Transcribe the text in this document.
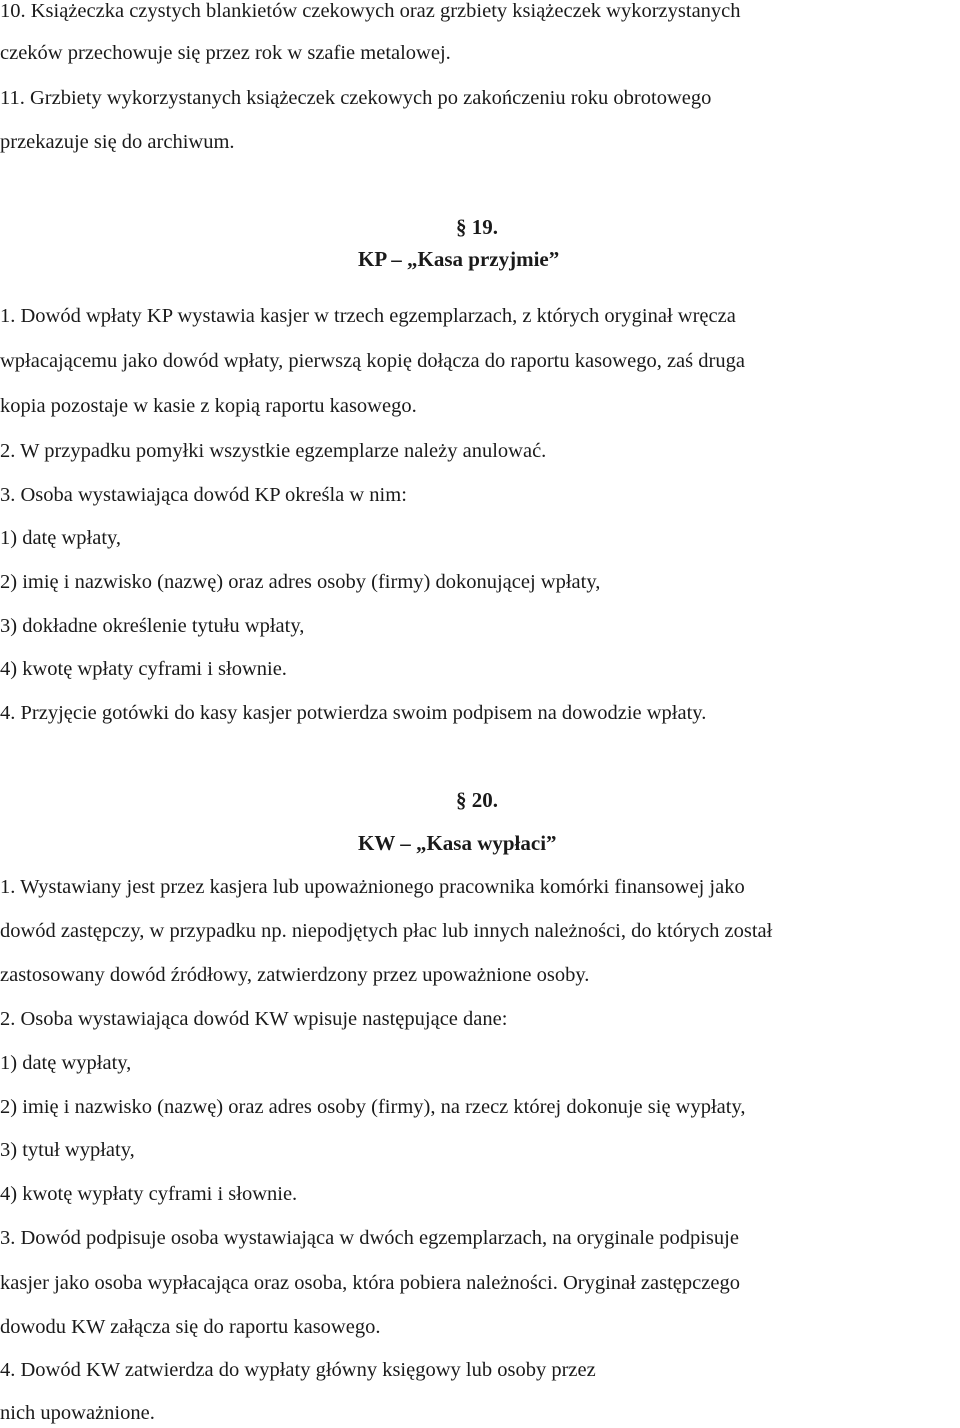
10. Książeczka czystych blankietów czekowych oraz grzbiety książeczek wykorzystanych

czeków przechowuje się przez rok w szafie metalowej.

11. Grzbiety wykorzystanych książeczek czekowych po zakończeniu roku obrotowego

przekazuje się do archiwum.

§ 19.

KP – „Kasa przyjmie”

1. Dowód wpłaty KP wystawia kasjer w trzech egzemplarzach, z których oryginał wręcza

wpłacającemu jako dowód wpłaty, pierwszą kopię dołącza do raportu kasowego, zaś druga

kopia pozostaje w kasie z kopią raportu kasowego.

2. W przypadku pomyłki wszystkie egzemplarze należy anulować.

3. Osoba wystawiająca dowód KP określa w nim:

1) datę wpłaty,

2) imię i nazwisko (nazwę) oraz adres osoby (firmy) dokonującej wpłaty,

3) dokładne określenie tytułu wpłaty,

4) kwotę wpłaty cyframi i słownie.

4. Przyjęcie gotówki do kasy kasjer potwierdza swoim podpisem na dowodzie wpłaty.

§ 20.

KW – „Kasa wypłaci”

1. Wystawiany jest przez kasjera lub upoważnionego pracownika komórki finansowej jako

dowód zastępczy, w przypadku np. niepodjętych płac lub innych należności, do których został

zastosowany dowód źródłowy, zatwierdzony przez upoważnione osoby.

2. Osoba wystawiająca dowód KW wpisuje następujące dane:

1) datę wypłaty,

2) imię i nazwisko (nazwę) oraz adres osoby (firmy), na rzecz której dokonuje się wypłaty,

3) tytuł wypłaty,

4) kwotę wypłaty cyframi i słownie.

3. Dowód podpisuje osoba wystawiająca w dwóch egzemplarzach, na oryginale podpisuje

kasjer jako osoba wypłacająca oraz osoba, która pobiera należności. Oryginał zastępczego

dowodu KW załącza się do raportu kasowego.

4. Dowód KW zatwierdza do wypłaty główny księgowy lub osoby przez

nich upoważnione.
